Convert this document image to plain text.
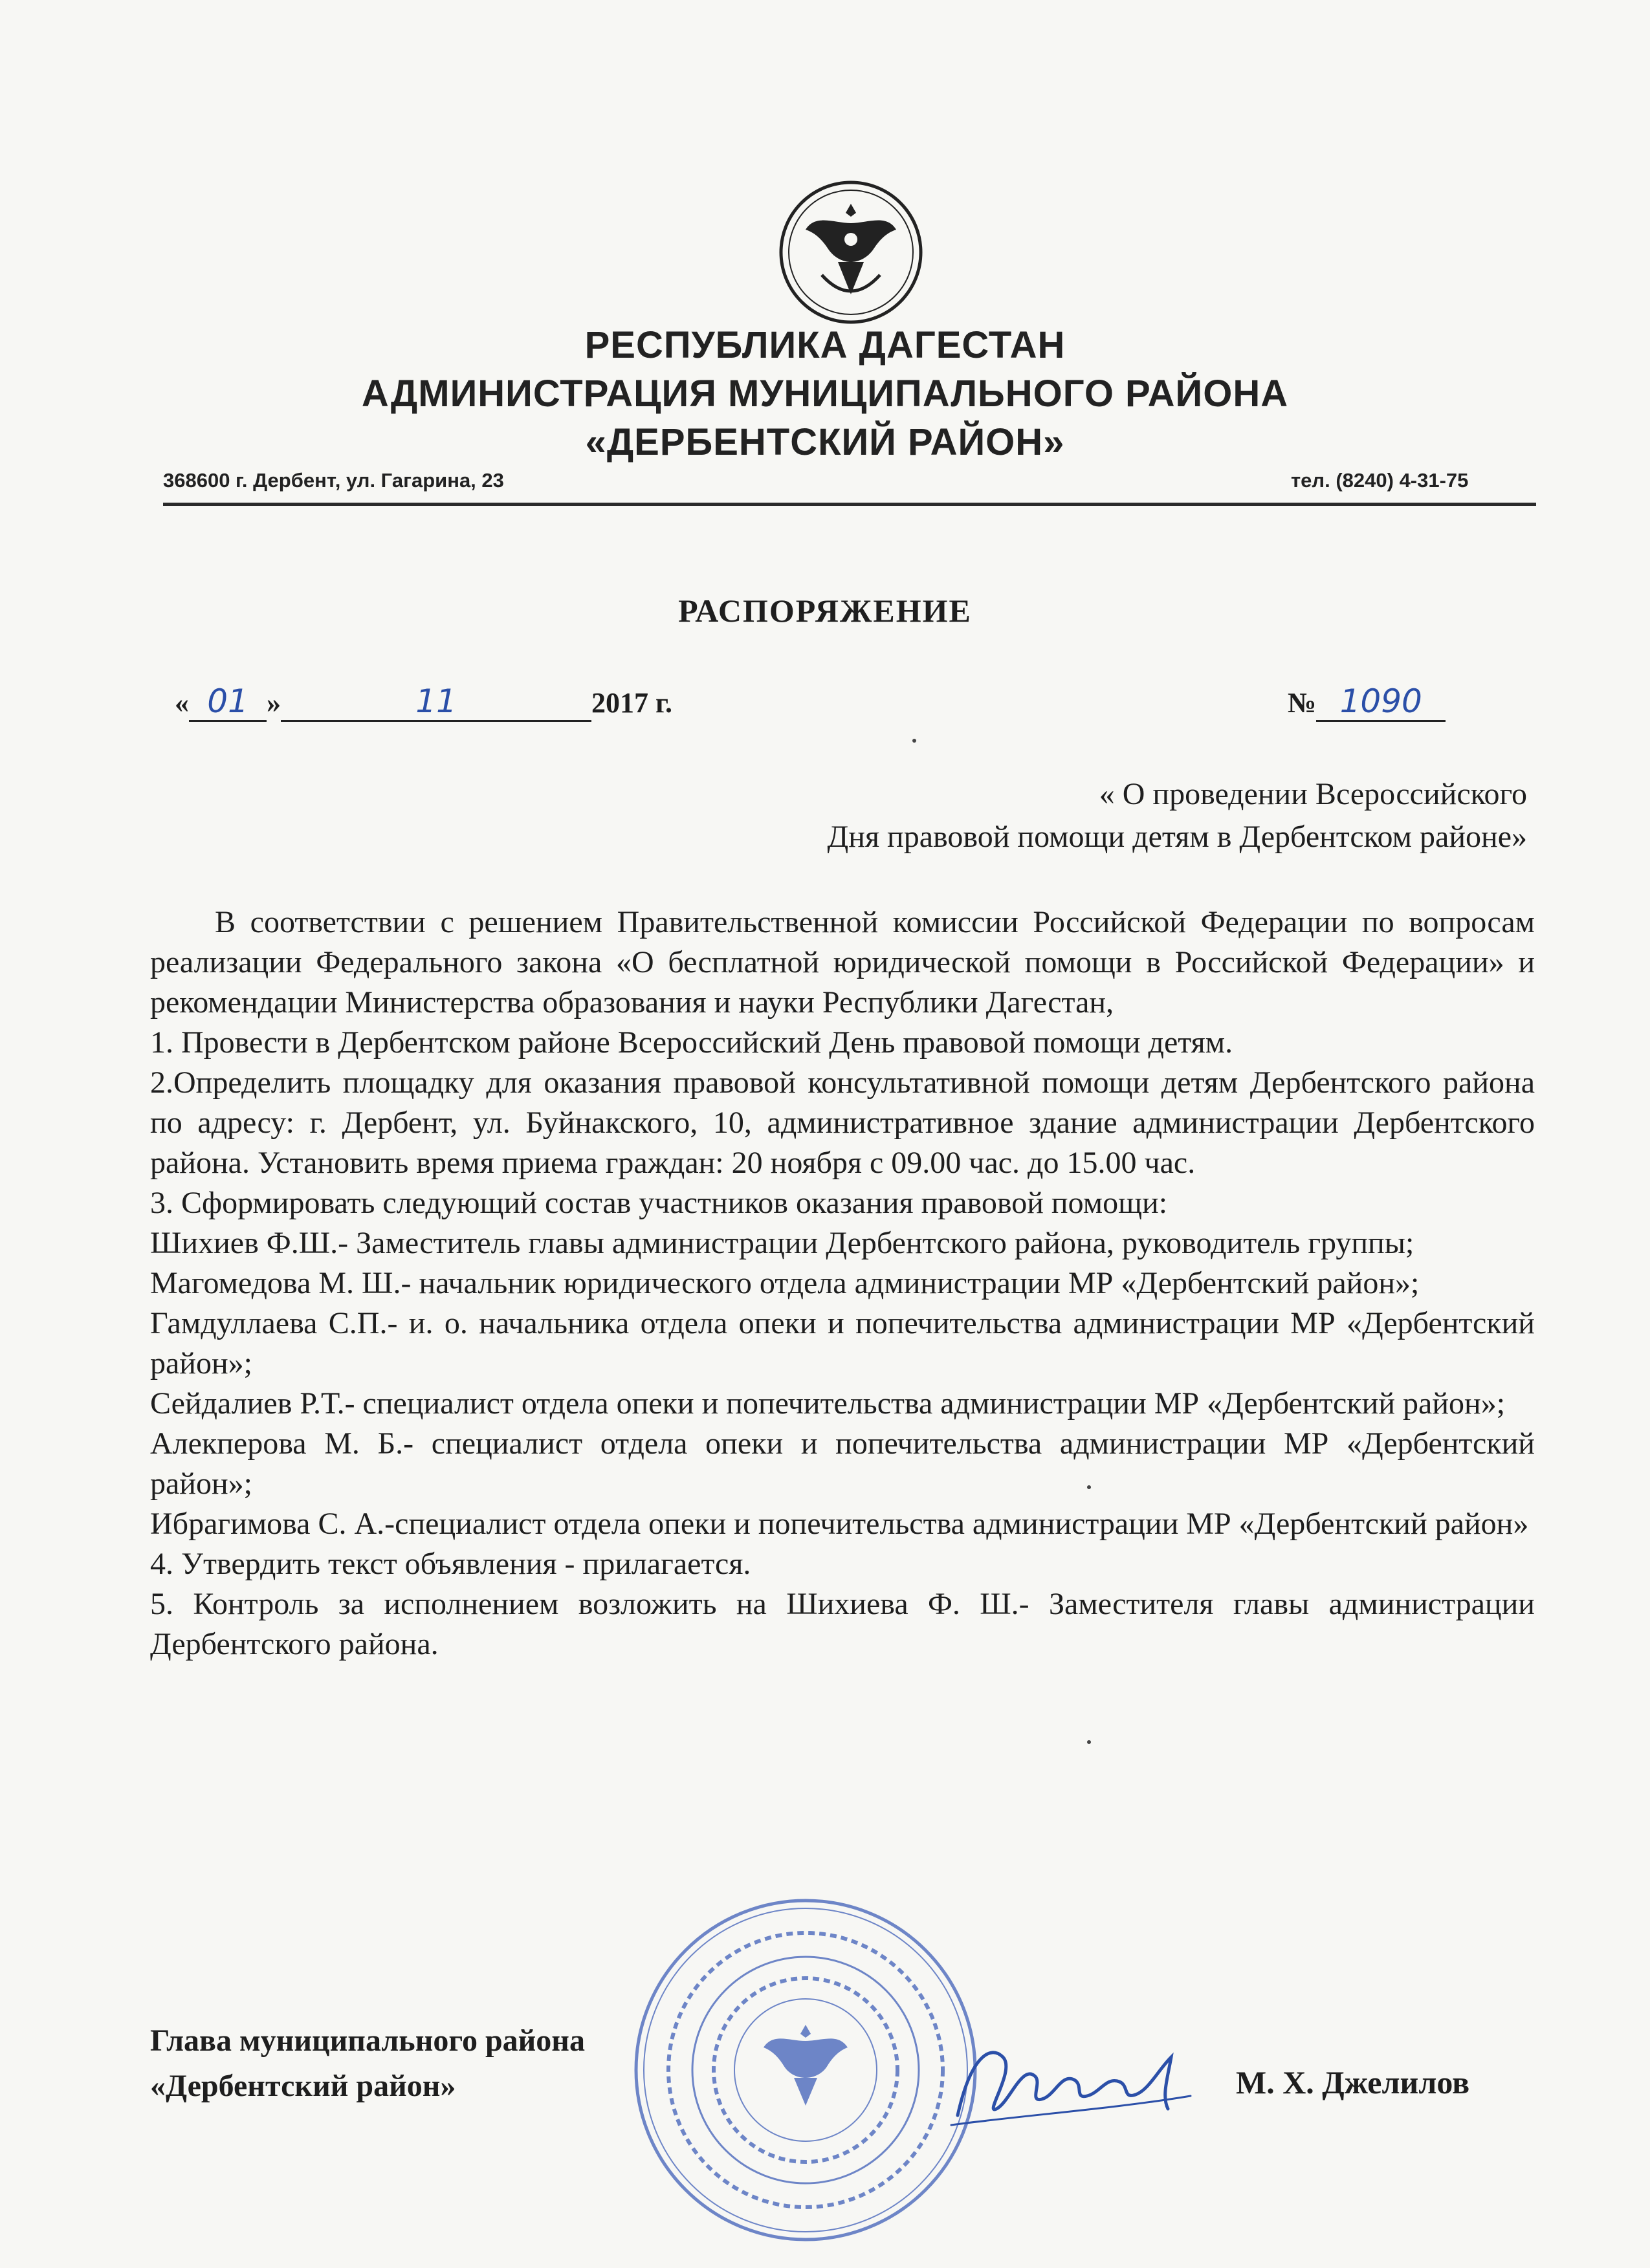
РЕСПУБЛИКА ДАГЕСТАН
АДМИНИСТРАЦИЯ МУНИЦИПАЛЬНОГО РАЙОНА
«ДЕРБЕНТСКИЙ РАЙОН»
368600 г. Дербент, ул. Гагарина, 23	тел. (8240) 4-31-75
РАСПОРЯЖЕНИЕ
« 01 »	11	2017 г.	№ 1090
« О проведении Всероссийского
Дня правовой помощи детям в Дербентском районе»

В соответствии с решением Правительственной комиссии Российской Федерации по вопросам реализации Федерального закона «О бесплатной юридической помощи в Российской Федерации» и рекомендации Министерства образования и науки Республики Дагестан,

1. Провести в Дербентском районе Всероссийский День правовой помощи детям.

2.Определить площадку для оказания правовой консультативной помощи детям Дербентского района по адресу: г. Дербент, ул. Буйнакского, 10, административное здание администрации Дербентского района. Установить время приема граждан: 20 ноября с 09.00 час. до 15.00 час.

3. Сформировать следующий состав участников оказания правовой помощи:

Шихиев Ф.Ш.- Заместитель главы администрации Дербентского района, руководитель группы;

Магомедова М. Ш.- начальник юридического отдела администрации МР «Дербентский район»;

Гамдуллаева С.П.- и. о. начальника отдела опеки и попечительства администрации МР «Дербентский район»;

Сейдалиев Р.Т.- специалист отдела опеки и попечительства администрации МР «Дербентский район»;

Алекперова М. Б.- специалист отдела опеки и попечительства администрации МР «Дербентский район»;

Ибрагимова С. А.-специалист отдела опеки и попечительства администрации МР «Дербентский район»

4. Утвердить текст объявления - прилагается.

5. Контроль за исполнением возложить на Шихиева Ф. Ш.- Заместителя главы администрации Дербентского района.

Глава муниципального района
«Дербентский район»	М. Х. Джелилов
